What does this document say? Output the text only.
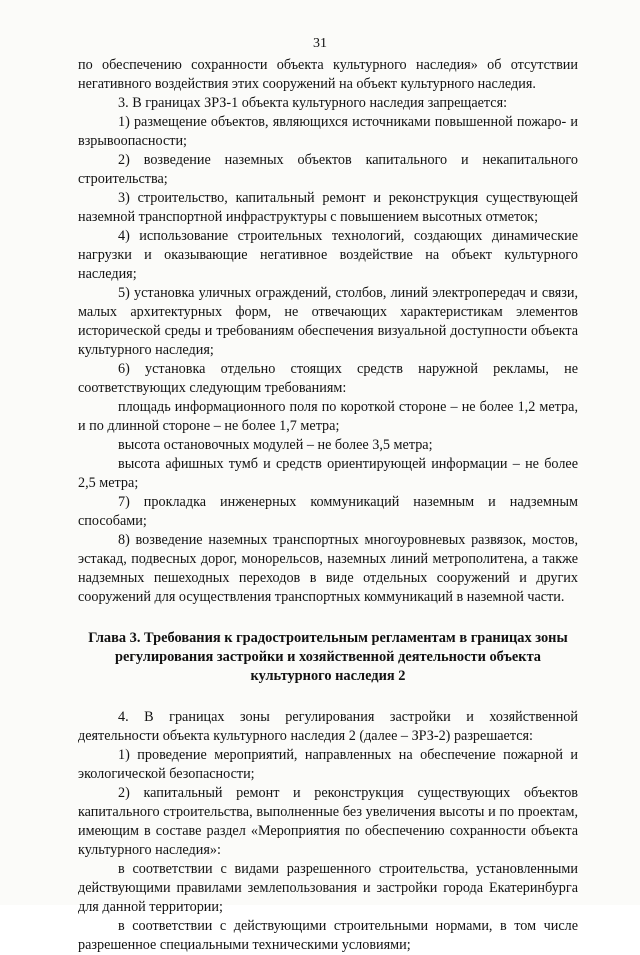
31

по обеспечению сохранности объекта культурного наследия» об отсутствии негативного воздействия этих сооружений на объект культурного наследия.

3. В границах ЗРЗ-1 объекта культурного наследия запрещается:

1) размещение объектов, являющихся источниками повышенной пожаро- и взрывоопасности;

2) возведение наземных объектов капитального и некапитального строительства;

3) строительство, капитальный ремонт и реконструкция существующей наземной транспортной инфраструктуры с повышением высотных отметок;

4) использование строительных технологий, создающих динамические нагрузки и оказывающие негативное воздействие на объект культурного наследия;

5) установка уличных ограждений, столбов, линий электропередач и связи, малых архитектурных форм, не отвечающих характеристикам элементов исторической среды и требованиям обеспечения визуальной доступности объекта культурного наследия;

6) установка отдельно стоящих средств наружной рекламы, не соответствующих следующим требованиям:

площадь информационного поля по короткой стороне – не более 1,2 метра, и по длинной стороне – не более 1,7 метра;

высота остановочных модулей – не более 3,5 метра;

высота афишных тумб и средств ориентирующей информации – не более 2,5 метра;

7) прокладка инженерных коммуникаций наземным и надземным способами;

8) возведение наземных транспортных многоуровневых развязок, мостов, эстакад, подвесных дорог, монорельсов, наземных линий метрополитена, а также надземных пешеходных переходов в виде отдельных сооружений и других сооружений для осуществления транспортных коммуникаций в наземной части.

Глава 3. Требования к градостроительным регламентам в границах зоны регулирования застройки и хозяйственной деятельности объекта культурного наследия 2

4. В границах зоны регулирования застройки и хозяйственной деятельности объекта культурного наследия 2 (далее – ЗРЗ-2) разрешается:

1) проведение мероприятий, направленных на обеспечение пожарной и экологической безопасности;

2) капитальный ремонт и реконструкция существующих объектов капитального строительства, выполненные без увеличения высоты и по проектам, имеющим в составе раздел «Мероприятия по обеспечению сохранности объекта культурного наследия»:

в соответствии с видами разрешенного строительства, установленными действующими правилами землепользования и застройки города Екатеринбурга для данной территории;

в соответствии с действующими строительными нормами, в том числе разрешенное специальными техническими условиями;
